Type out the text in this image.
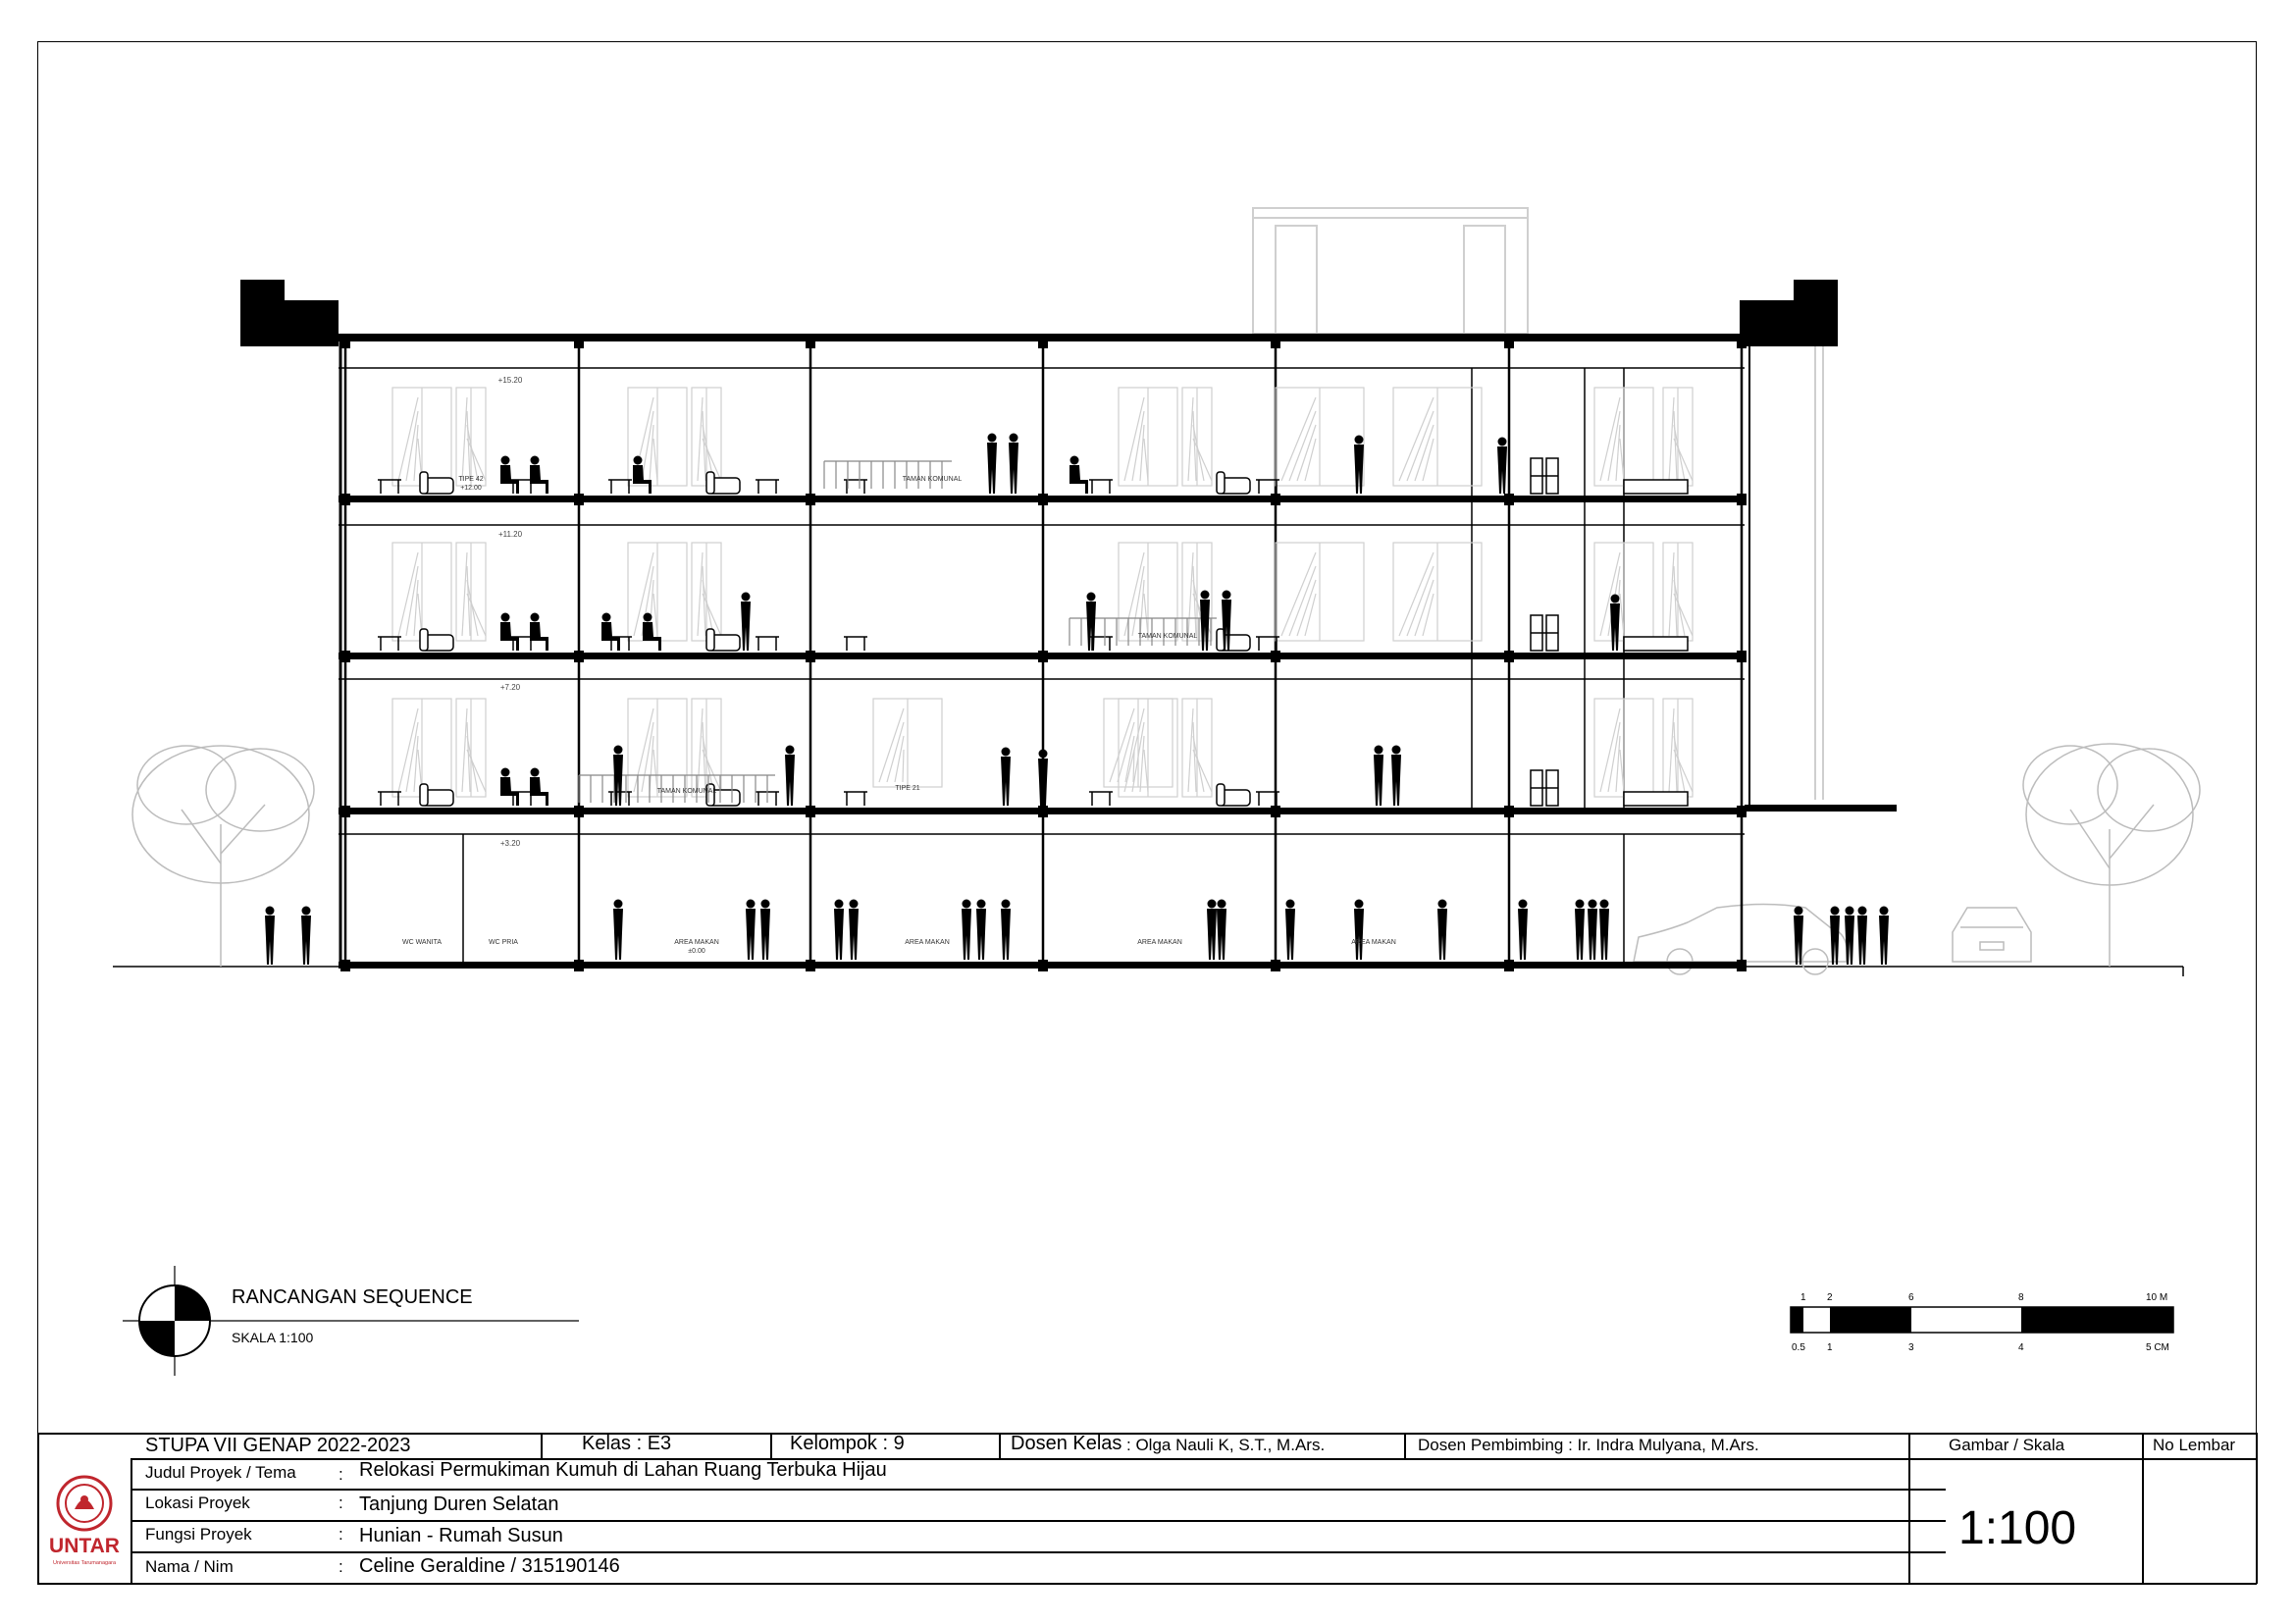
+15.20
+11.20
+7.20
+3.20
TIPE 42
+12.00
TAMAN KOMUNAL
TAMAN KOMUNAL
TAMAN KOMUNAL	TIPE 21
WC WANITA	WC PRIA	AREA MAKAN
±0.00
AREA MAKAN	AREA MAKAN	AREA MAKAN
RANCANGAN SEQUENCE
SKALA 1:100
1 2	6	8	10 M
0.5 1	3	4	5 CM
STUPA VII GENAP 2022-2023	Kelas : E3	Kelompok : 9	Dosen Kelas : Olga Nauli K, S.T., M.Ars.	Dosen Pembimbing : Ir. Indra Mulyana, M.Ars.	Gambar / Skala	No Lembar
1:100
Judul Proyek / Tema	: Relokasi Permukiman Kumuh di Lahan Ruang Terbuka Hijau
Lokasi Proyek	: Tanjung Duren Selatan
Fungsi Proyek	: Hunian - Rumah Susun
Nama / Nim	: Celine Geraldine / 315190146
UNTAR
Universitas Tarumanagara
